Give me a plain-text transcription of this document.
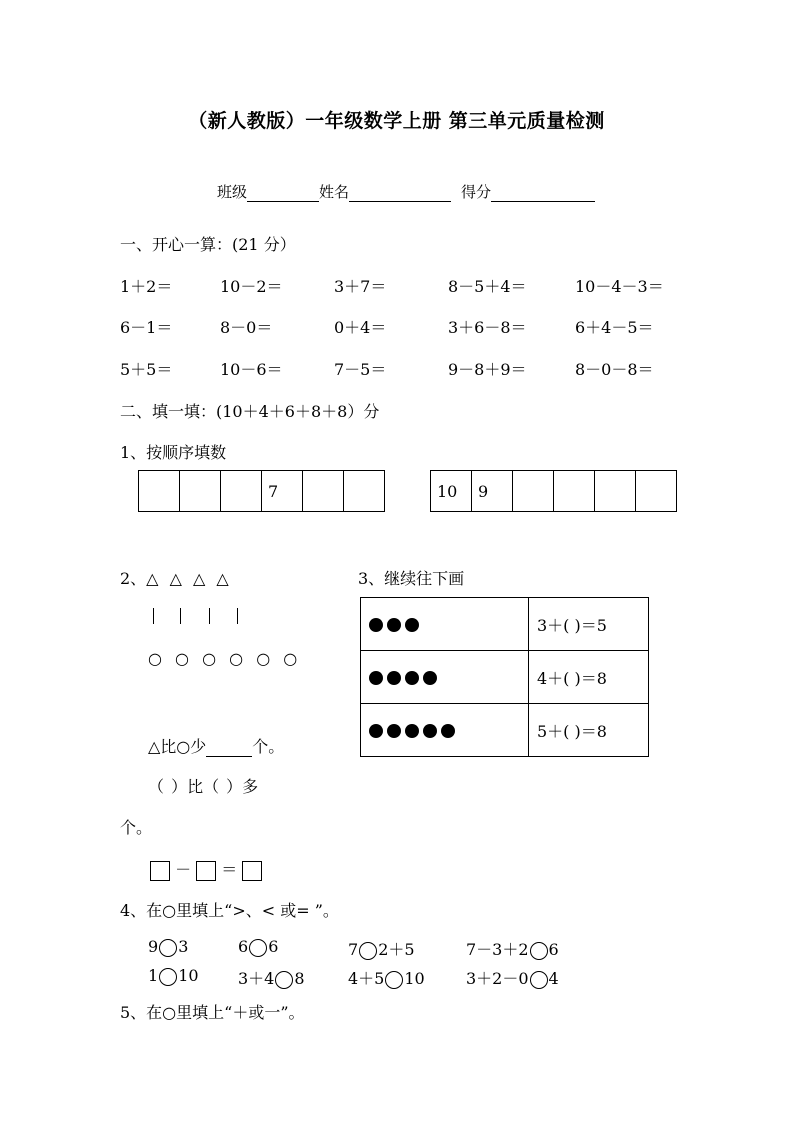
（新人教版）一年级数学上册 第三单元质量检测
班级	姓名	得分
一、开心一算：(21 分）
1＋2＝	10－2＝	3＋7＝	8－5＋4＝	10－4－3＝
6－1＝	8－0＝	0＋4＝	3＋6－8＝	6＋4－5＝
5＋5＝	10－6＝	7－5＝	9－8＋9＝	8－0－8＝
二、填一填：(10＋4＋6＋8＋8）分
1、按顺序填数
			7			10	9				
2、△ △ △ △
○ ○ ○ ○ ○ ○
△比○少	个。
（ ）比（ ）多
个。
－ ＝
3、继续往下画
	3＋( )＝5
	4＋( )＝8
	5＋( )＝8
4、在○里填上“>、< 或= ”。
9 3	6 6	7 2＋5	7－3＋2 6
1 10 3＋4 8	4＋5 10	3＋2－0 4
5、在○里填上“＋或一”。
